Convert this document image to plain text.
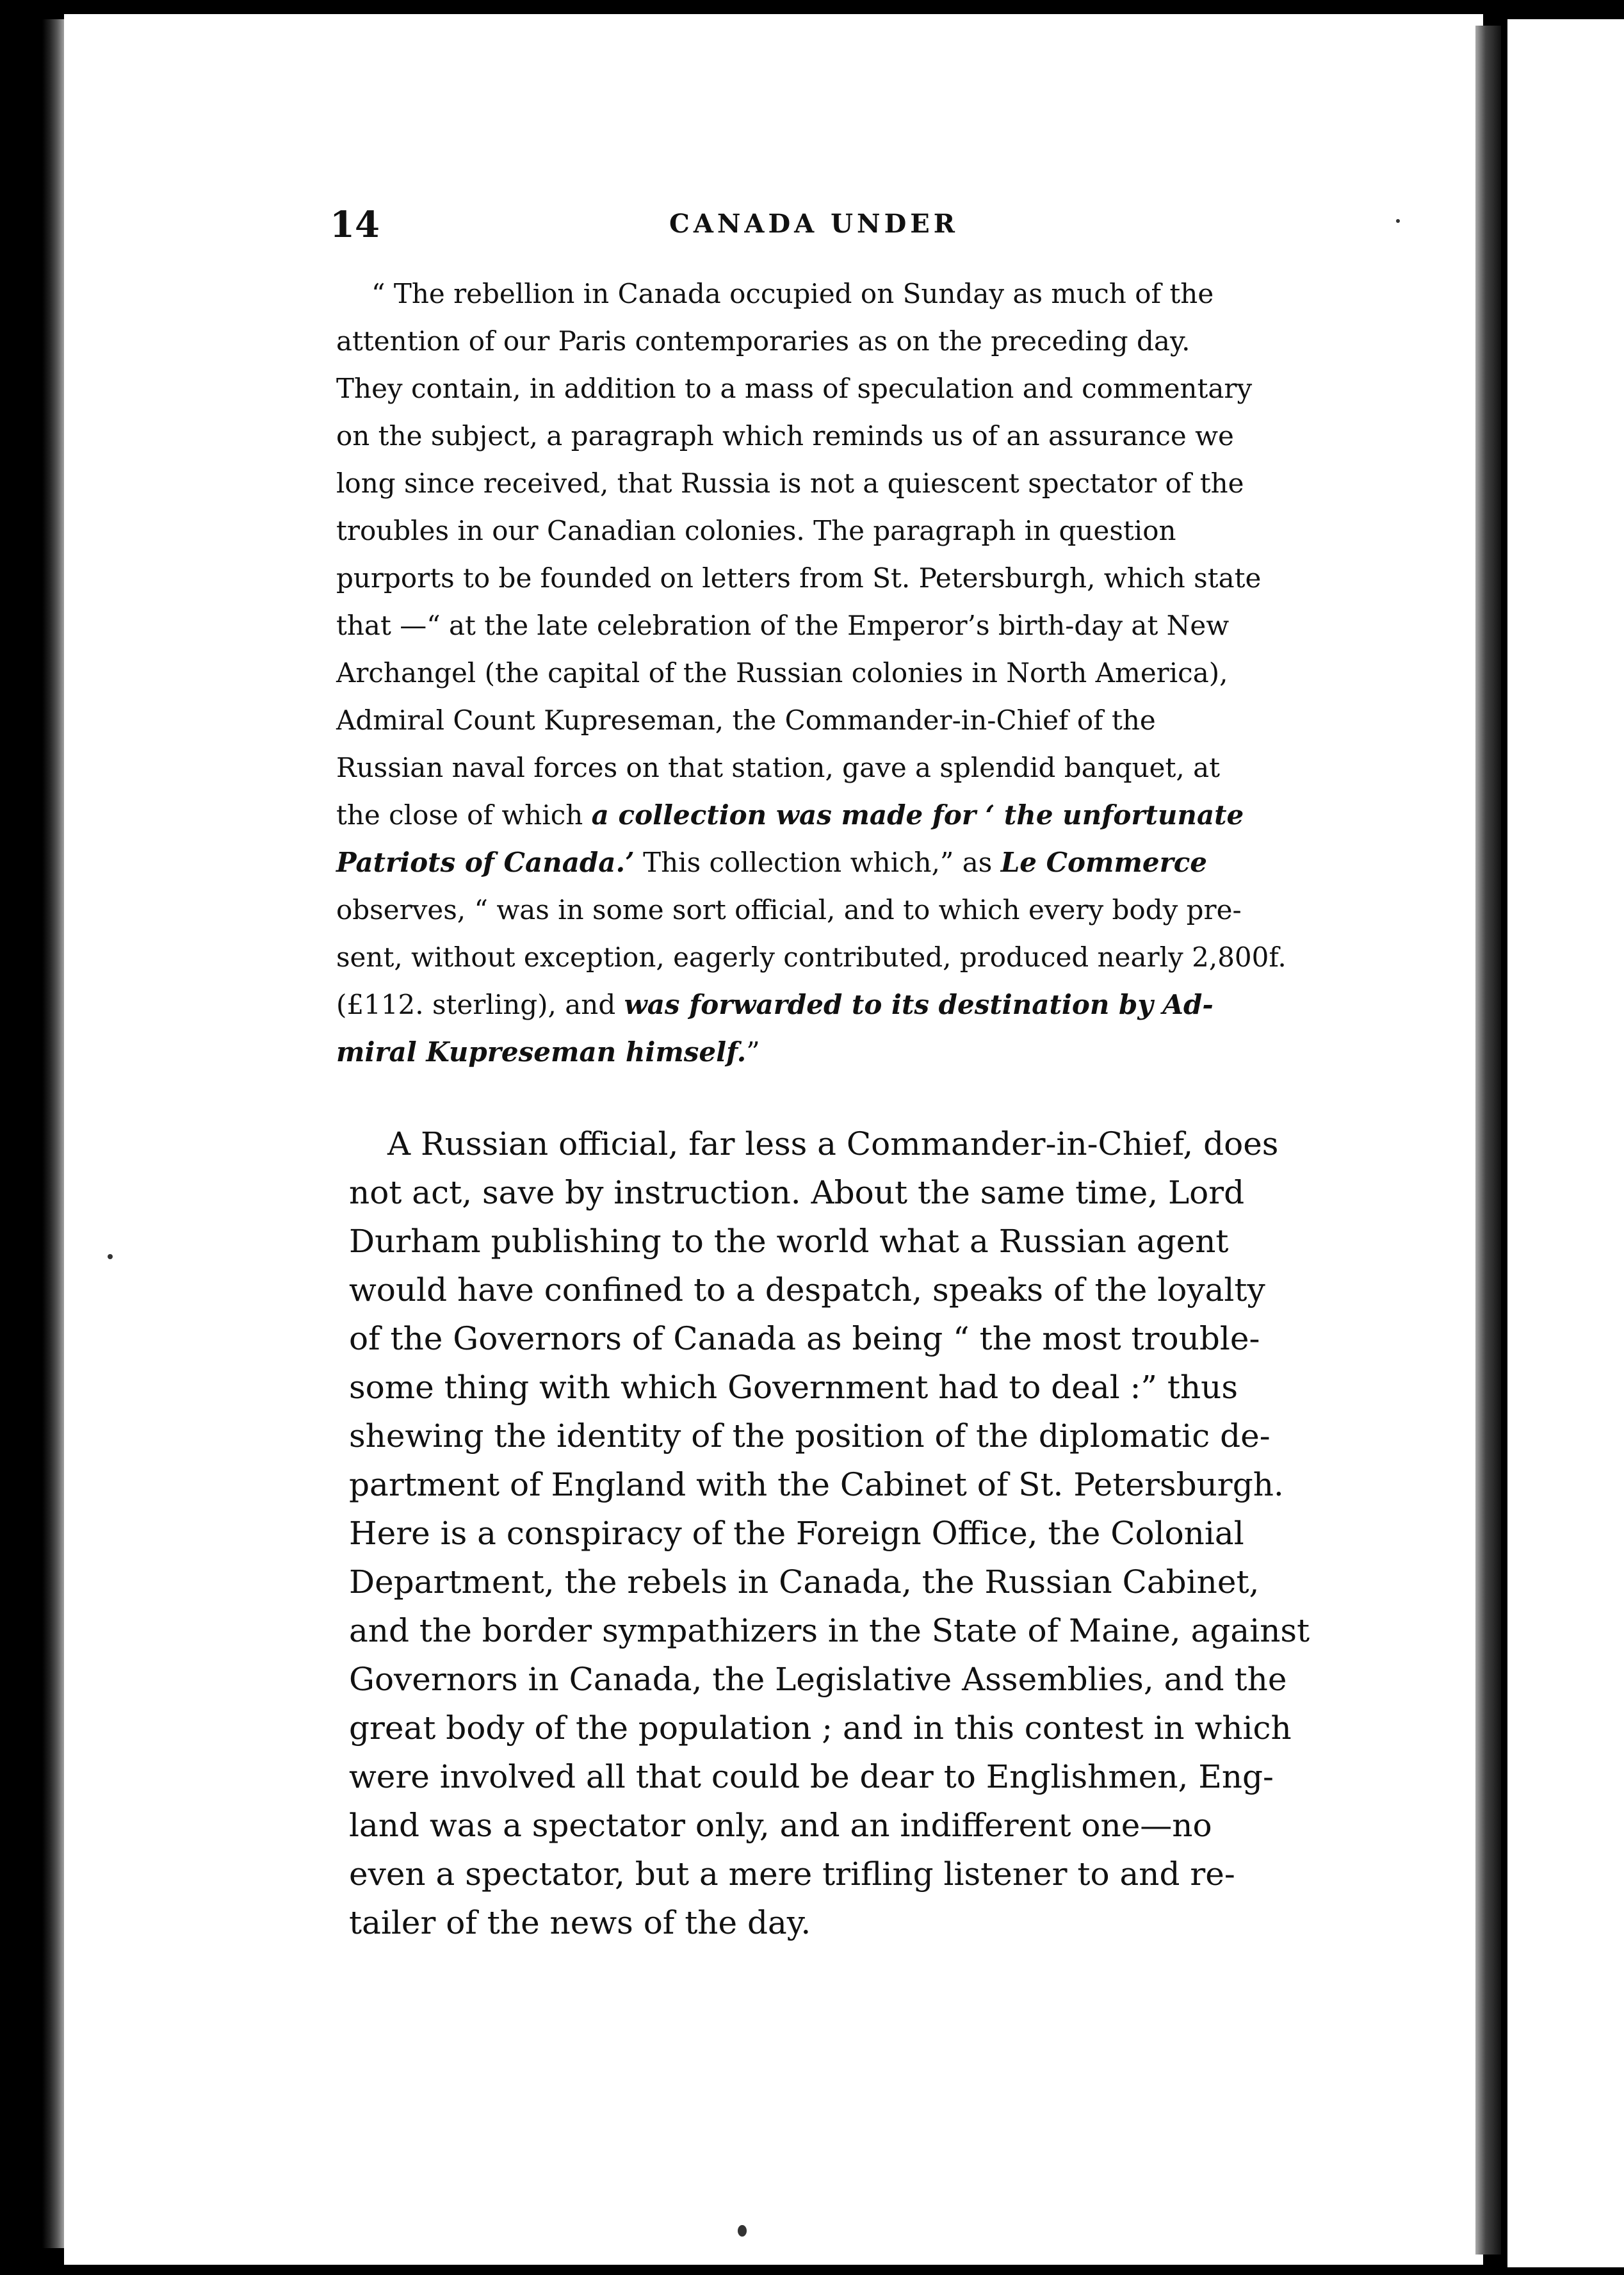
14	CANADA UNDER
“ The rebellion in Canada occupied on Sunday as much of the
attention of our Paris contemporaries as on the preceding day.
They contain, in addition to a mass of speculation and commentary
on the subject, a paragraph which reminds us of an assurance we
long since received, that Russia is not a quiescent spectator of the
troubles in our Canadian colonies. The paragraph in question
purports to be founded on letters from St. Petersburgh, which state
that —“ at the late celebration of the Emperor’s birth-day at New
Archangel (the capital of the Russian colonies in North America),
Admiral Count Kupreseman, the Commander-in-Chief of the
Russian naval forces on that station, gave a splendid banquet, at
the close of which a collection was made for ‘ the unfortunate
Patriots of Canada.’ This collection which,” as Le Commerce
observes, “ was in some sort official, and to which every body pre-
sent, without exception, eagerly contributed, produced nearly 2,800f.
(£112. sterling), and was forwarded to its destination by Ad-
miral Kupreseman himself.”
A Russian official, far less a Commander-in-Chief, does
not act, save by instruction. About the same time, Lord
Durham publishing to the world what a Russian agent
would have confined to a despatch, speaks of the loyalty
of the Governors of Canada as being “ the most trouble-
some thing with which Government had to deal :” thus
shewing the identity of the position of the diplomatic de-
partment of England with the Cabinet of St. Petersburgh.
Here is a conspiracy of the Foreign Office, the Colonial
Department, the rebels in Canada, the Russian Cabinet,
and the border sympathizers in the State of Maine, against
Governors in Canada, the Legislative Assemblies, and the
great body of the population ; and in this contest in which
were involved all that could be dear to Englishmen, Eng-
land was a spectator only, and an indifferent one—no
even a spectator, but a mere trifling listener to and re-
tailer of the news of the day.
